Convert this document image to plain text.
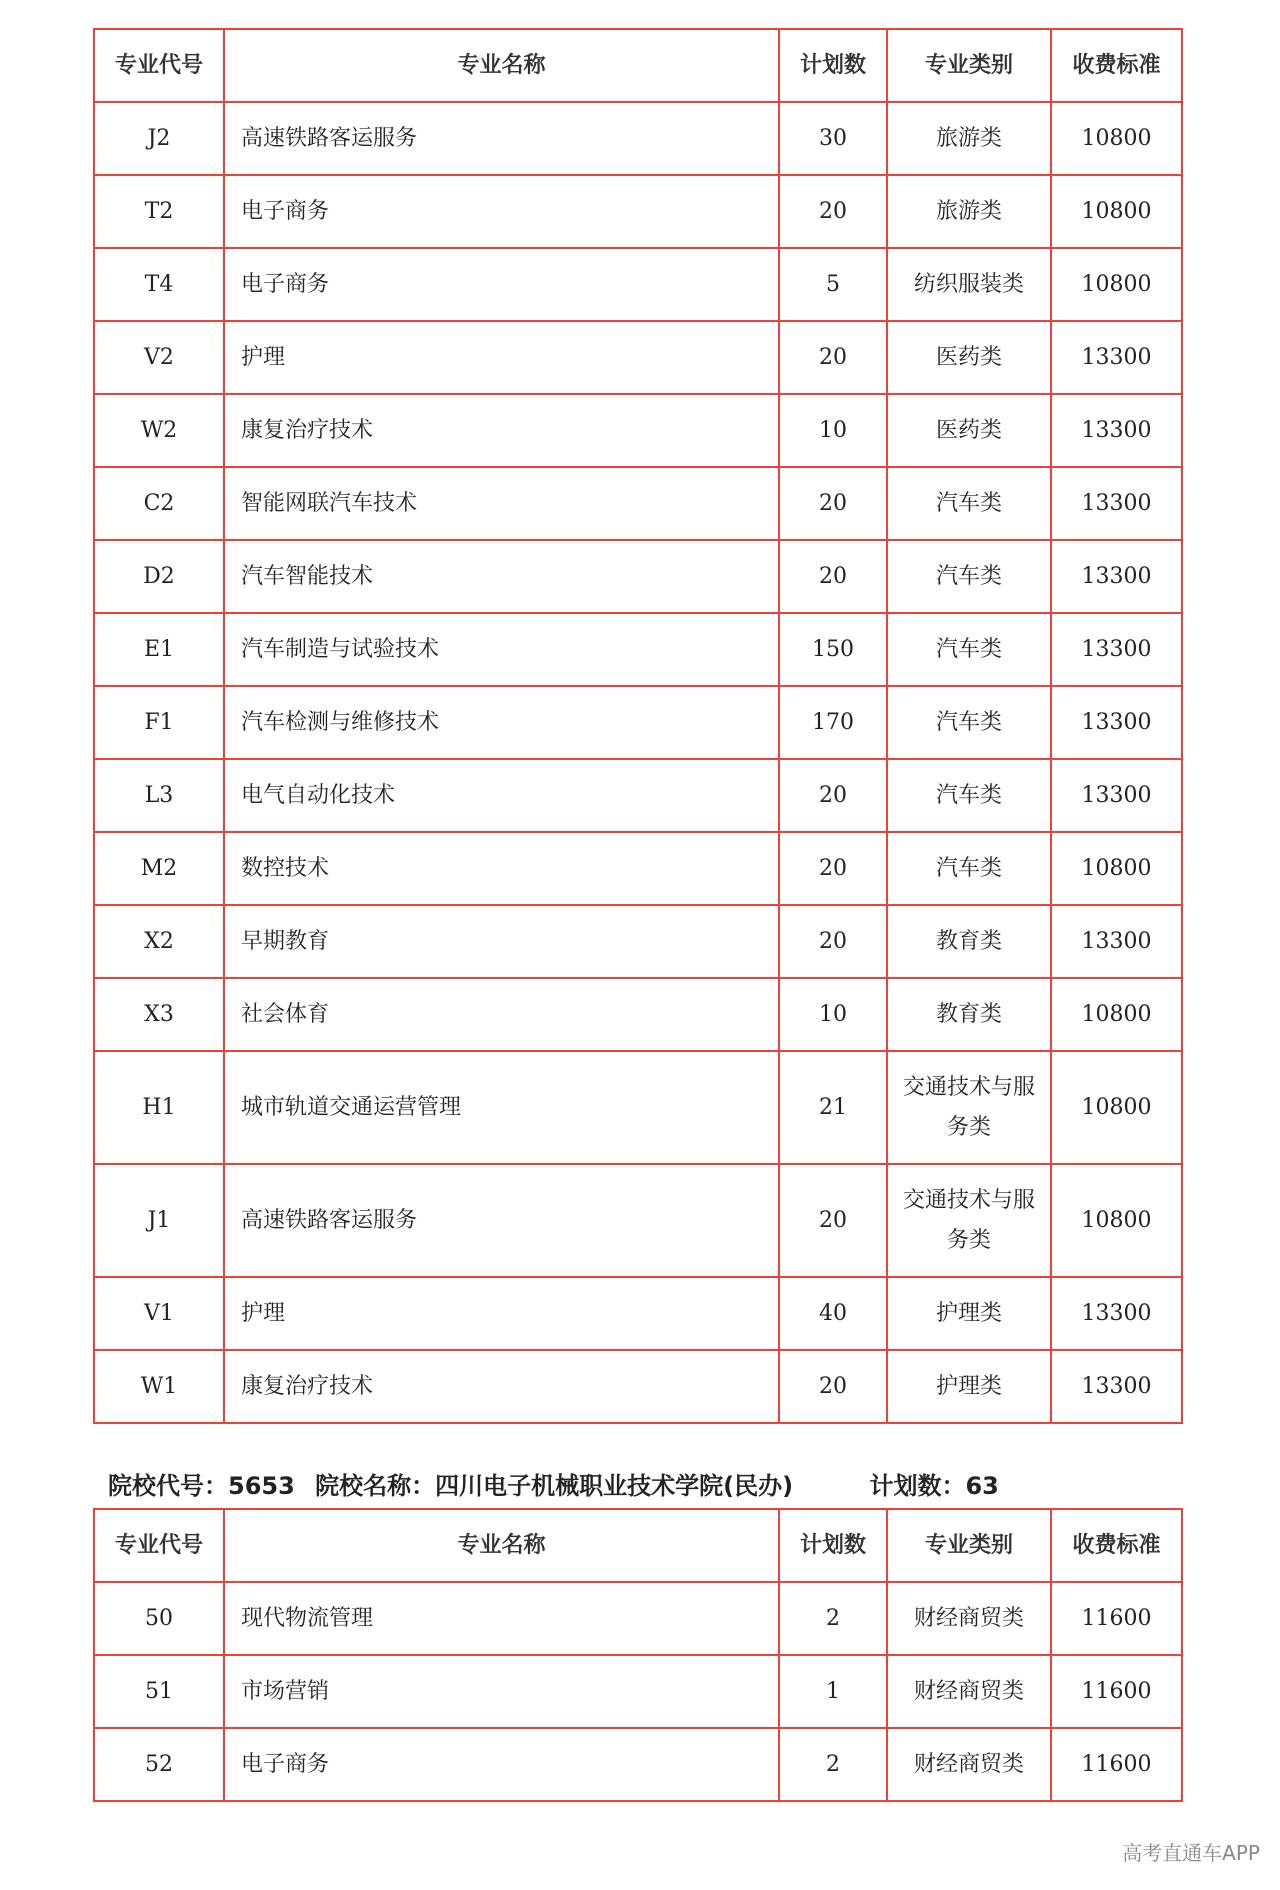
专业代号	专业名称	计划数	专业类别	收费标准
J2	高速铁路客运服务	30	旅游类	10800
T2	电子商务	20	旅游类	10800
T4	电子商务	5	纺织服装类	10800
V2	护理	20	医药类	13300
W2	康复治疗技术	10	医药类	13300
C2	智能网联汽车技术	20	汽车类	13300
D2	汽车智能技术	20	汽车类	13300
E1	汽车制造与试验技术	150	汽车类	13300
F1	汽车检测与维修技术	170	汽车类	13300
L3	电气自动化技术	20	汽车类	13300
M2	数控技术	20	汽车类	10800
X2	早期教育	20	教育类	13300
X3	社会体育	10	教育类	10800
H1	城市轨道交通运营管理	21	交通技术与服务类	10800
J1	高速铁路客运服务	20	交通技术与服务类	10800
V1	护理	40	护理类	13300
W1	康复治疗技术	20	护理类	13300
院校代号：5653 院校名称：四川电子机械职业技术学院(民办)	计划数：63
专业代号	专业名称	计划数	专业类别	收费标准
50	现代物流管理	2	财经商贸类	11600
51	市场营销	1	财经商贸类	11600
52	电子商务	2	财经商贸类	11600
高考直通车APP
